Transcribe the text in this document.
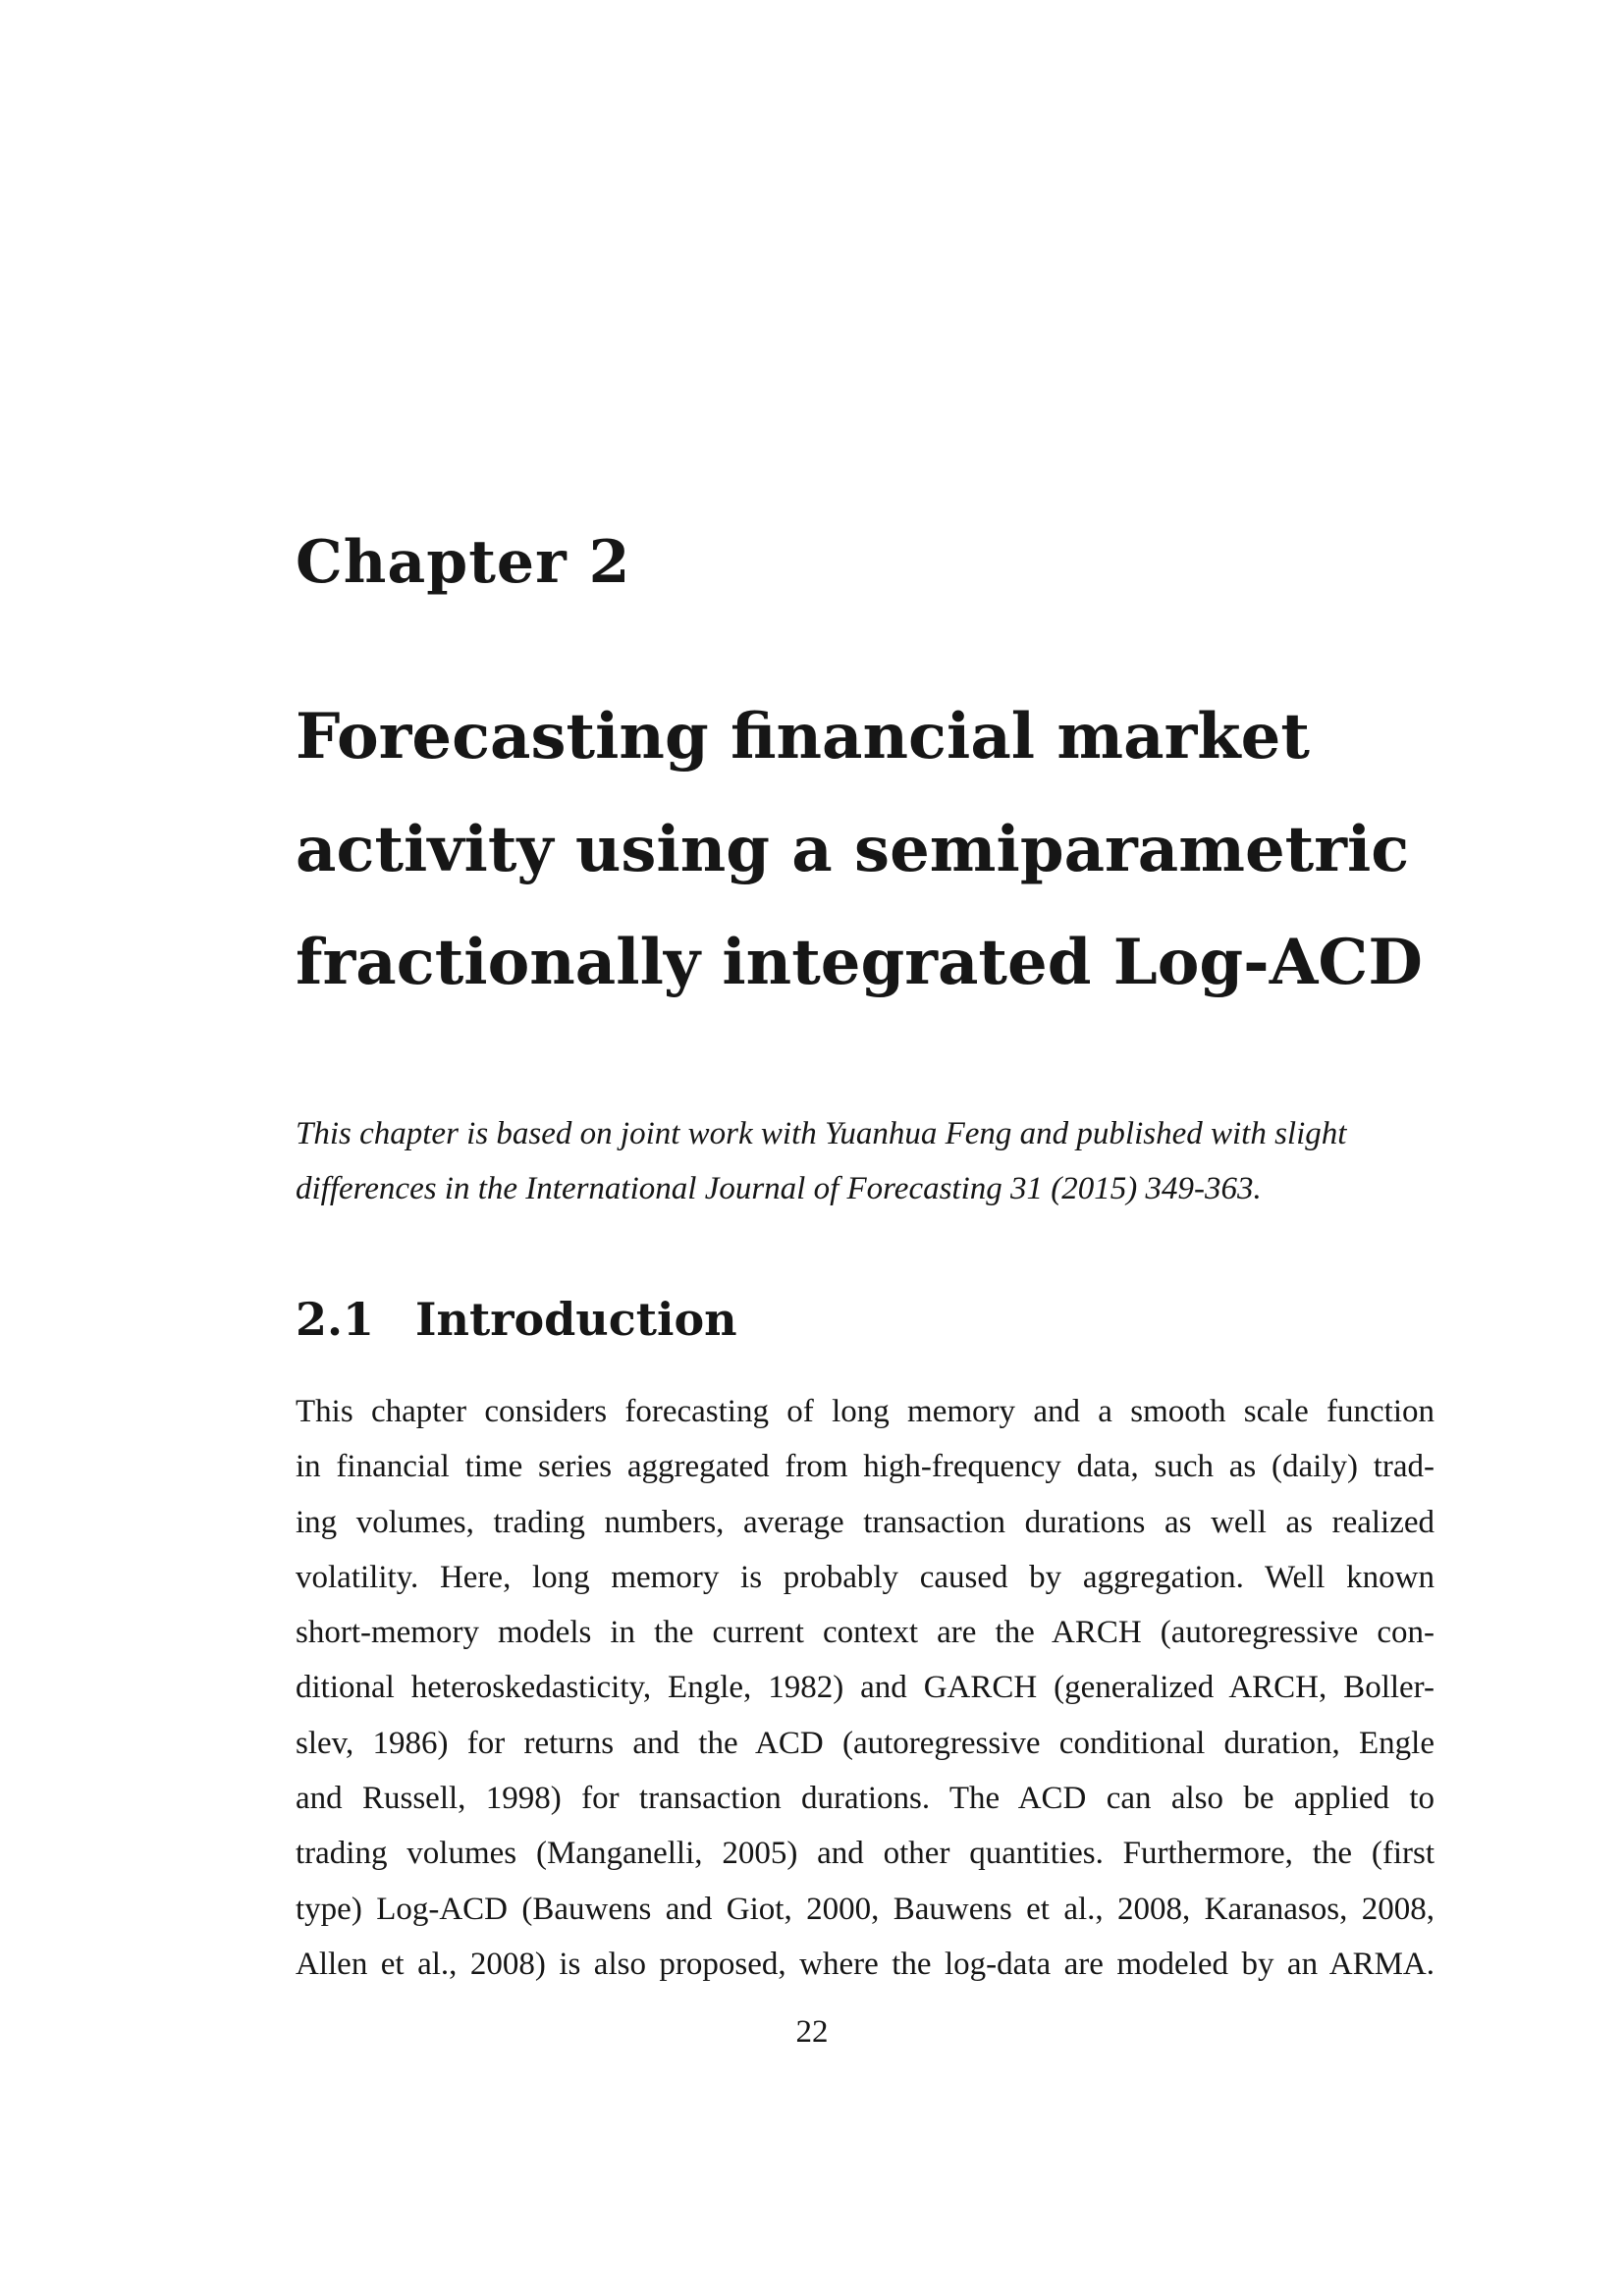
Chapter 2
Forecasting financial market
activity using a semiparametric
fractionally integrated Log-ACD

This chapter is based on joint work with Yuanhua Feng and published with slight
differences in the International Journal of Forecasting 31 (2015) 349-363.

2.1 Introduction
This chapter considers forecasting of long memory and a smooth scale function
in financial time series aggregated from high-frequency data, such as (daily) trad-
ing volumes, trading numbers, average transaction durations as well as realized
volatility. Here, long memory is probably caused by aggregation. Well known
short-memory models in the current context are the ARCH (autoregressive con-
ditional heteroskedasticity, Engle, 1982) and GARCH (generalized ARCH, Boller-
slev, 1986) for returns and the ACD (autoregressive conditional duration, Engle
and Russell, 1998) for transaction durations. The ACD can also be applied to
trading volumes (Manganelli, 2005) and other quantities. Furthermore, the (first
type) Log-ACD (Bauwens and Giot, 2000, Bauwens et al., 2008, Karanasos, 2008,
Allen et al., 2008) is also proposed, where the log-data are modeled by an ARMA.

22
